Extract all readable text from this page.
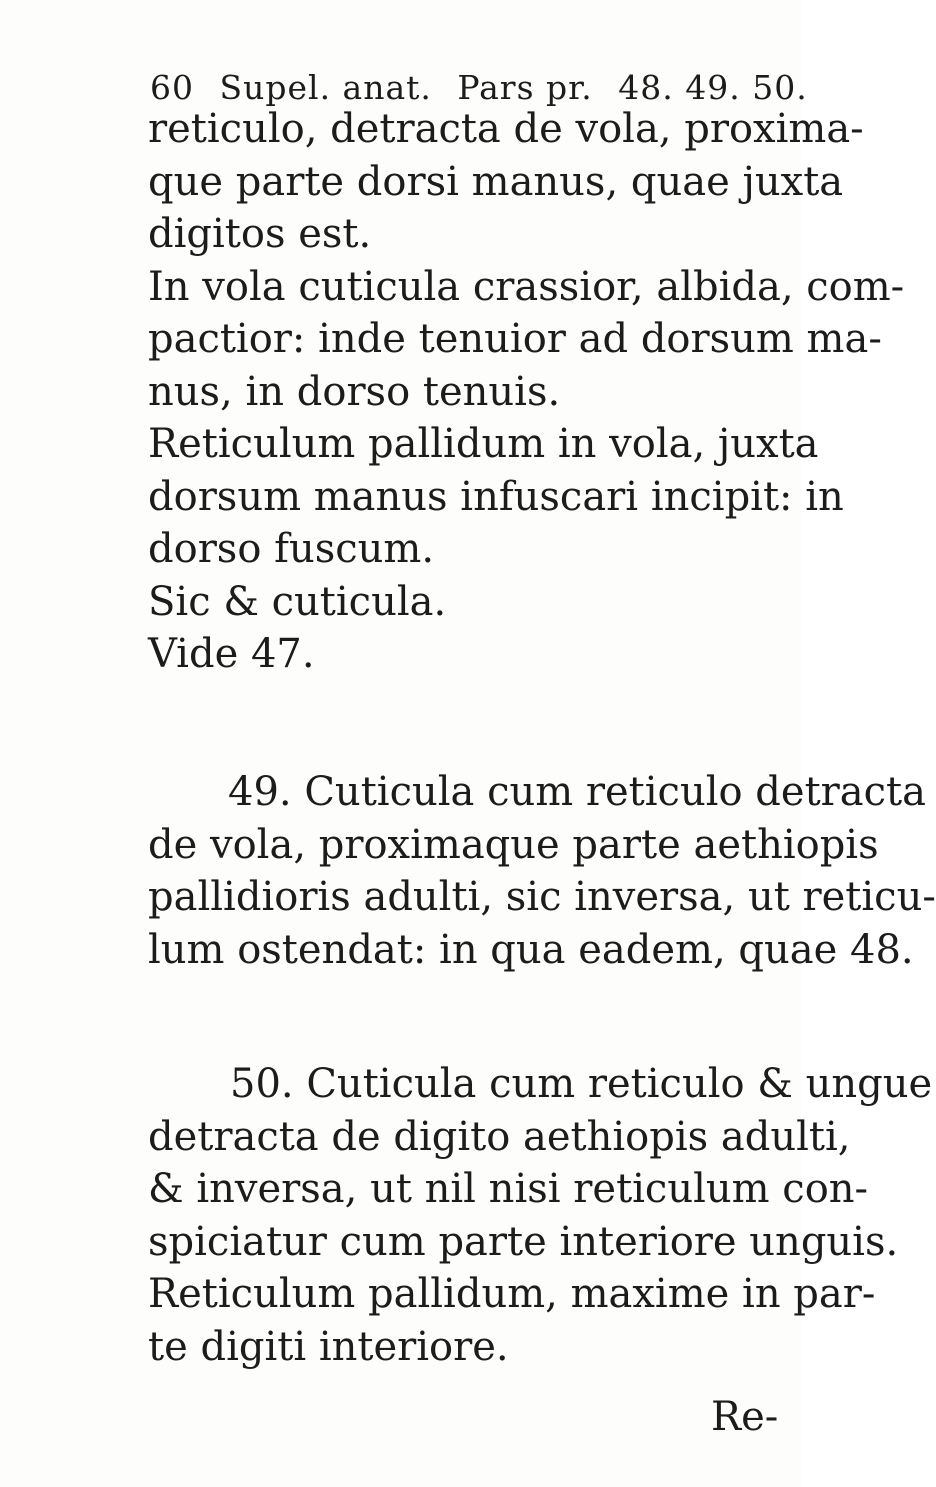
60 Supel. anat. Pars pr. 48. 49. 50.
reticulo, detracta de vola, proxima-
que parte dorsi manus, quae juxta
digitos est.
In vola cuticula crassior, albida, com-
pactior: inde tenuior ad dorsum ma-
nus, in dorso tenuis.
Reticulum pallidum in vola, juxta
dorsum manus infuscari incipit: in
dorso fuscum.
Sic & cuticula.
Vide 47.
49. Cuticula cum reticulo detracta
de vola, proximaque parte aethiopis
pallidioris adulti, sic inversa, ut reticu-
lum ostendat: in qua eadem, quae 48.
50. Cuticula cum reticulo & ungue
detracta de digito aethiopis adulti,
& inversa, ut nil nisi reticulum con-
spiciatur cum parte interiore unguis.
Reticulum pallidum, maxime in par-
te digiti interiore.
Re-
